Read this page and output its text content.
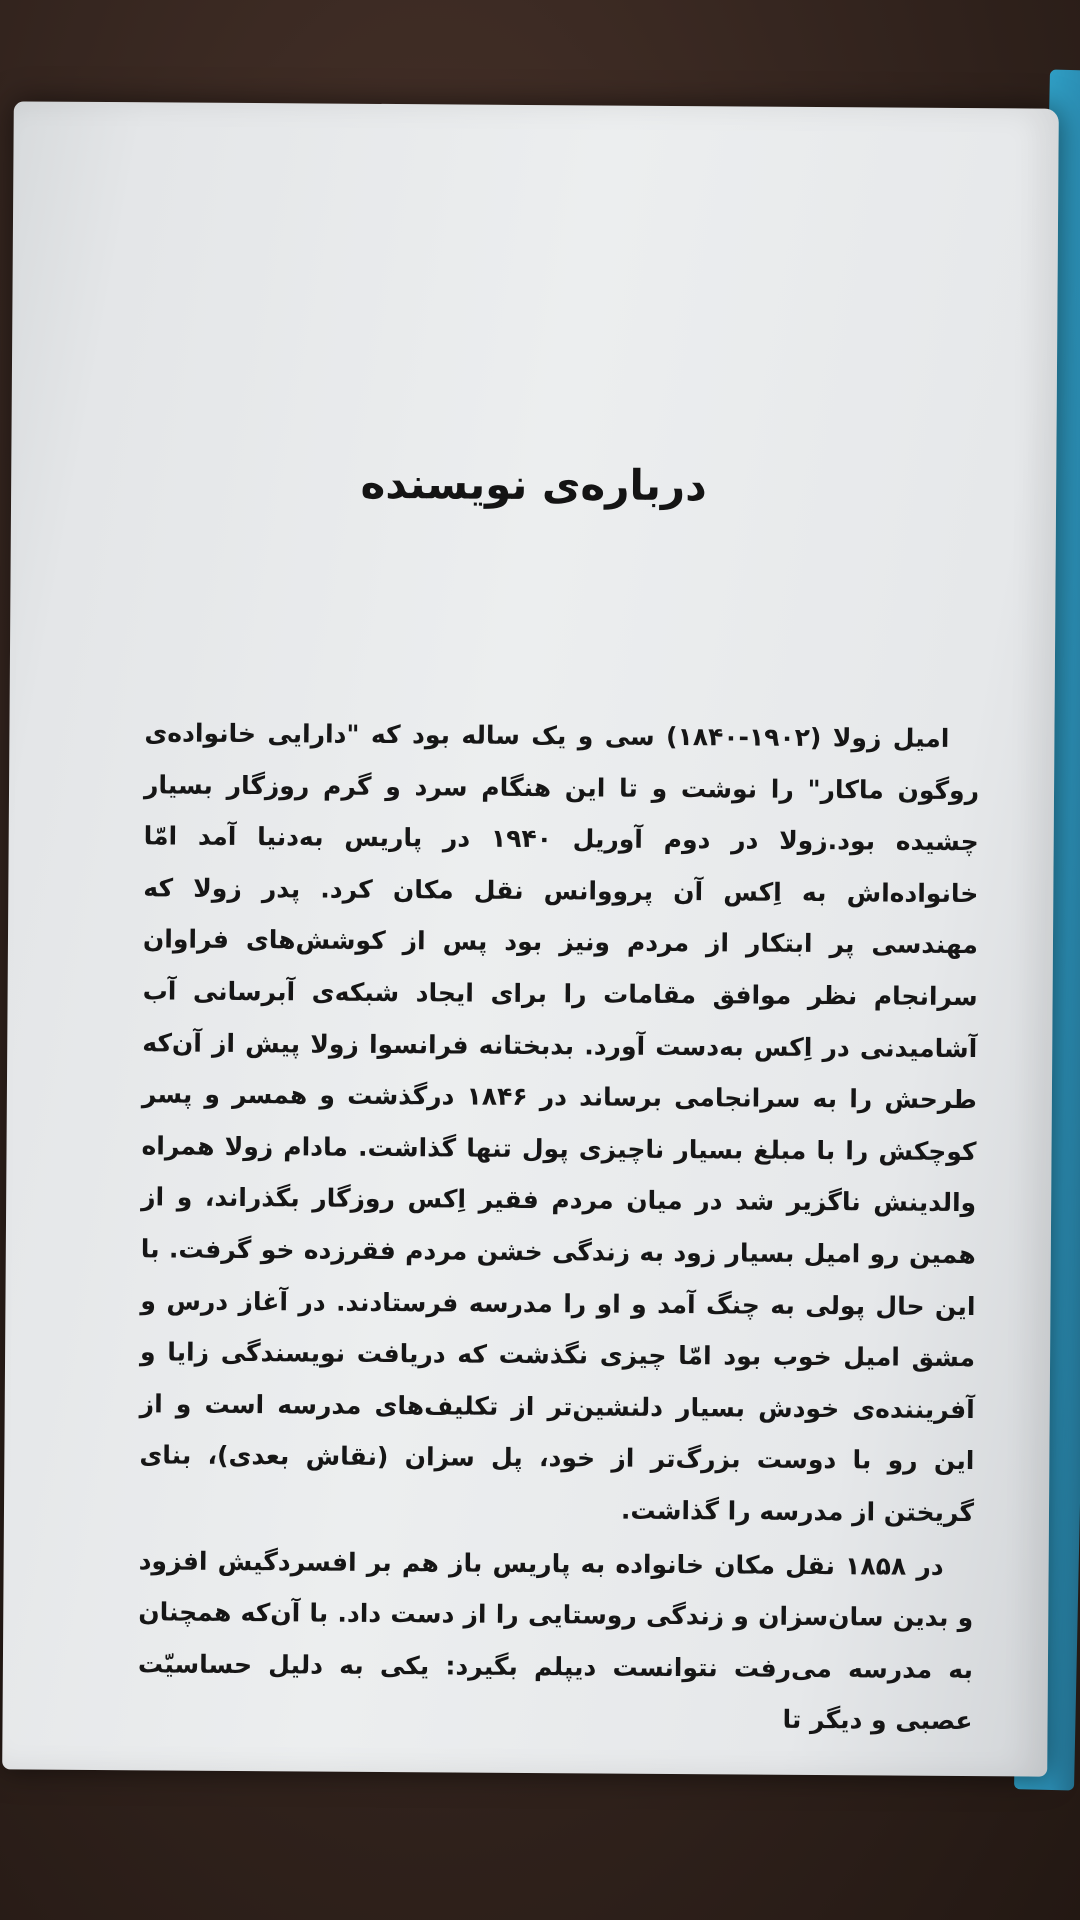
درباره‌ی نویسنده

امیل زولا (۱۹۰۲-۱۸۴۰) سی و یک ساله بود که "دارایی خانواده‌ی روگون ماکار" را نوشت و تا این هنگام سرد و گرم روزگار بسیار چشیده بود.زولا در دوم آوریل ۱۹۴۰ در پاریس به‌دنیا آمد امّا خانواده‌اش به اِکس آن پرووانس نقل مکان کرد. پدر زولا که مهندسی پر ابتکار از مردم ونیز بود پس از کوشش‌های فراوان سرانجام نظر موافق مقامات را برای ایجاد شبکه‌ی آبرسانی آب آشامیدنی در اِکس به‌دست آورد. بدبختانه فرانسوا زولا پیش از آن‌که طرحش را به سرانجامی برساند در ۱۸۴۶ درگذشت و همسر و پسر کوچکش را با مبلغ بسیار ناچیزی پول تنها گذاشت. مادام زولا همراه والدینش ناگزیر شد در میان مردم فقیر اِکس روزگار بگذراند، و از همین رو امیل بسیار زود به زندگی خشن مردم فقرزده خو گرفت. با این حال پولی به چنگ آمد و او را مدرسه فرستادند. در آغاز درس و مشق امیل خوب بود امّا چیزی نگذشت که دریافت نویسندگی زایا و آفریننده‌ی خودش بسیار دلنشین‌تر از تکلیف‌های مدرسه است و از این رو با دوست بزرگ‌تر از خود، پل سزان (نقاش بعدی)، بنای گریختن از مدرسه را گذاشت.

در ۱۸۵۸ نقل مکان خانواده به پاریس باز هم بر افسردگیش افزود و بدین سان‌سزان و زندگی روستایی را از دست داد. با آن‌که همچنان به مدرسه می‌رفت نتوانست دیپلم بگیرد: یکی به دلیل حساسیّت عصبی و دیگر تا
